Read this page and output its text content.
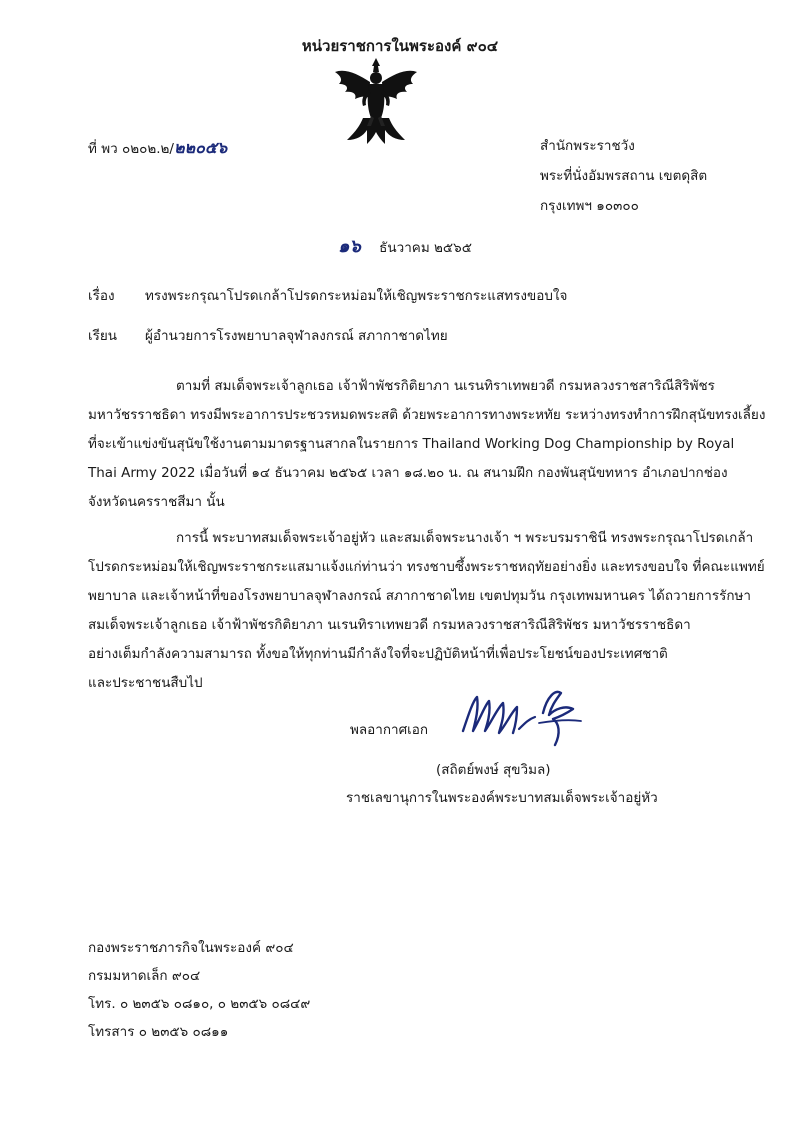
หน่วยราชการในพระองค์ ๙๐๔
ที่ พว ๐๒๐๒.๒/๒๒๐๕๖	สำนักพระราชวัง
พระที่นั่งอัมพรสถาน เขตดุสิต
กรุงเทพฯ ๑๐๓๐๐
๑๖ ธันวาคม ๒๕๖๕
เรื่อง ทรงพระกรุณาโปรดเกล้าโปรดกระหม่อมให้เชิญพระราชกระแสทรงขอบใจ
เรียน ผู้อำนวยการโรงพยาบาลจุฬาลงกรณ์ สภากาชาดไทย
ตามที่ สมเด็จพระเจ้าลูกเธอ เจ้าฟ้าพัชรกิติยาภา นเรนทิราเทพยวดี กรมหลวงราชสาริณีสิริพัชร
มหาวัชรราชธิดา ทรงมีพระอาการประชวรหมดพระสติ ด้วยพระอาการทางพระหทัย ระหว่างทรงทำการฝึกสุนัขทรงเลี้ยง
ที่จะเข้าแข่งขันสุนัขใช้งานตามมาตรฐานสากลในรายการ Thailand Working Dog Championship by Royal
Thai Army 2022 เมื่อวันที่ ๑๔ ธันวาคม ๒๕๖๕ เวลา ๑๘.๒๐ น. ณ สนามฝึก กองพันสุนัขทหาร อำเภอปากช่อง
จังหวัดนครราชสีมา นั้น
การนี้ พระบาทสมเด็จพระเจ้าอยู่หัว และสมเด็จพระนางเจ้า ฯ พระบรมราชินี ทรงพระกรุณาโปรดเกล้า
โปรดกระหม่อมให้เชิญพระราชกระแสมาแจ้งแก่ท่านว่า ทรงชาบซึ้งพระราชหฤทัยอย่างยิ่ง และทรงขอบใจ ที่คณะแพทย์
พยาบาล และเจ้าหน้าที่ของโรงพยาบาลจุฬาลงกรณ์ สภากาชาดไทย เขตปทุมวัน กรุงเทพมหานคร ได้ถวายการรักษา
สมเด็จพระเจ้าลูกเธอ เจ้าฟ้าพัชรกิติยาภา นเรนทิราเทพยวดี กรมหลวงราชสาริณีสิริพัชร มหาวัชรราชธิดา
อย่างเต็มกำลังความสามารถ ทั้งขอให้ทุกท่านมีกำลังใจที่จะปฏิบัติหน้าที่เพื่อประโยชน์ของประเทศชาติ
และประชาชนสืบไป
พลอากาศเอก
(สถิตย์พงษ์ สุขวิมล)
ราชเลขานุการในพระองค์พระบาทสมเด็จพระเจ้าอยู่หัว
กองพระราชภารกิจในพระองค์ ๙๐๔
กรมมหาดเล็ก ๙๐๔
โทร. ๐ ๒๓๕๖ ๐๘๑๐, ๐ ๒๓๕๖ ๐๘๔๙
โทรสาร ๐ ๒๓๕๖ ๐๘๑๑
